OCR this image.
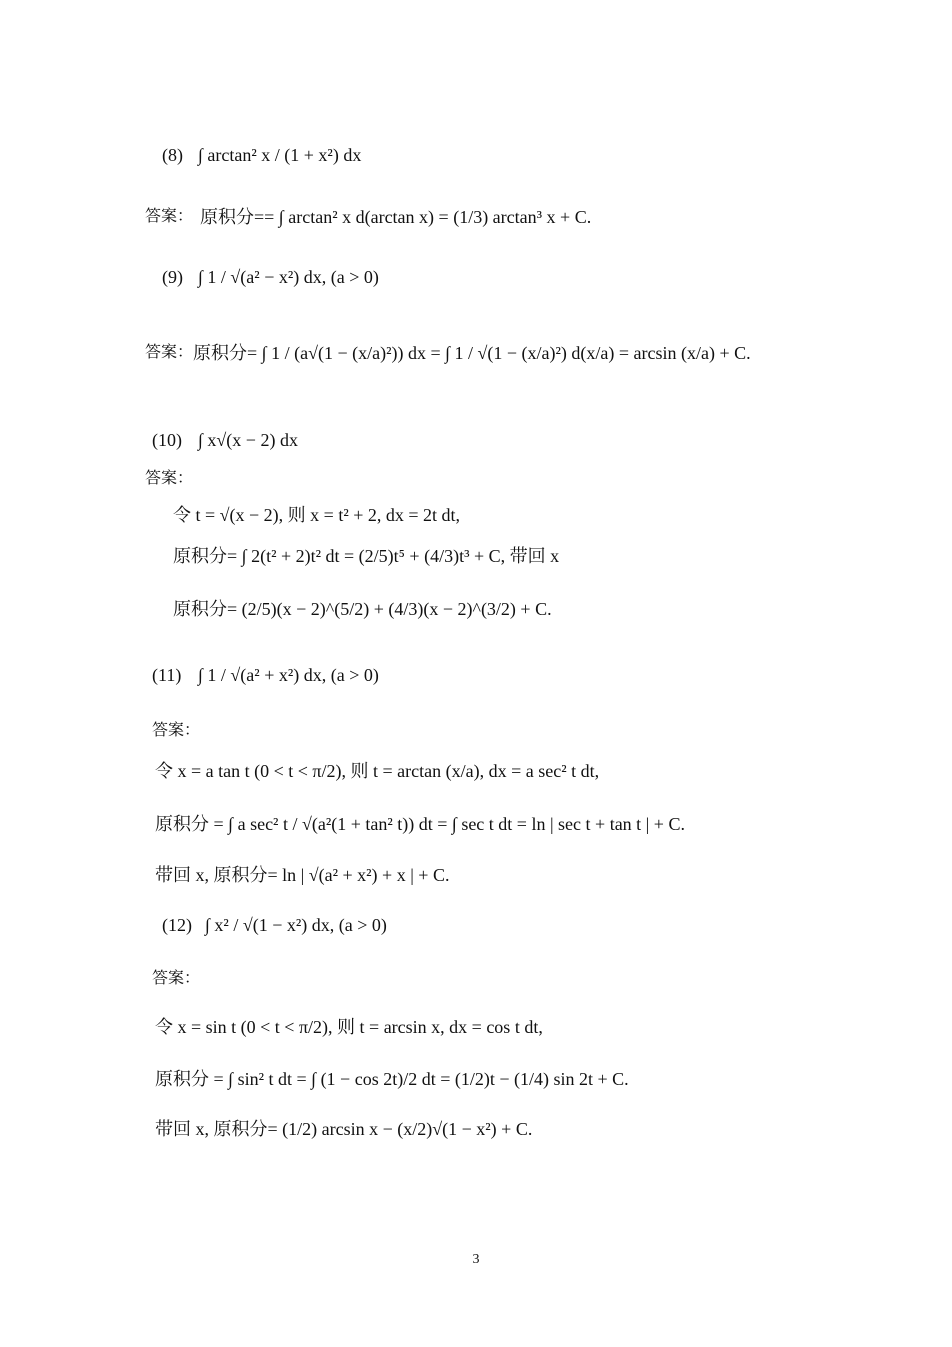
(8) ∫ arctan² x / (1 + x²) dx
答案： 原积分== ∫ arctan² x d(arctan x) = (1/3) arctan³ x + C.
(9) ∫ 1 / √(a² − x²) dx, (a > 0)
答案： 原积分= ∫ 1 / (a√(1 − (x/a)²)) dx = ∫ 1 / √(1 − (x/a)²) d(x/a) = arcsin (x/a) + C.
(10) ∫ x√(x − 2) dx
答案：
令 t = √(x − 2), 则 x = t² + 2, dx = 2t dt,
原积分= ∫ 2(t² + 2)t² dt = (2/5)t⁵ + (4/3)t³ + C, 带回 x
原积分= (2/5)(x − 2)^(5/2) + (4/3)(x − 2)^(3/2) + C.
(11) ∫ 1 / √(a² + x²) dx, (a > 0)
答案：
令 x = a tan t (0 < t < π/2), 则 t = arctan (x/a), dx = a sec² t dt,
原积分 = ∫ a sec² t / √(a²(1 + tan² t)) dt = ∫ sec t dt = ln | sec t + tan t | + C.
带回 x, 原积分= ln | √(a² + x²) + x | + C.
(12) ∫ x² / √(1 − x²) dx, (a > 0)
答案：
令 x = sin t (0 < t < π/2), 则 t = arcsin x, dx = cos t dt,
原积分 = ∫ sin² t dt = ∫ (1 − cos 2t)/2 dt = (1/2)t − (1/4) sin 2t + C.
带回 x, 原积分= (1/2) arcsin x − (x/2)√(1 − x²) + C.
3
